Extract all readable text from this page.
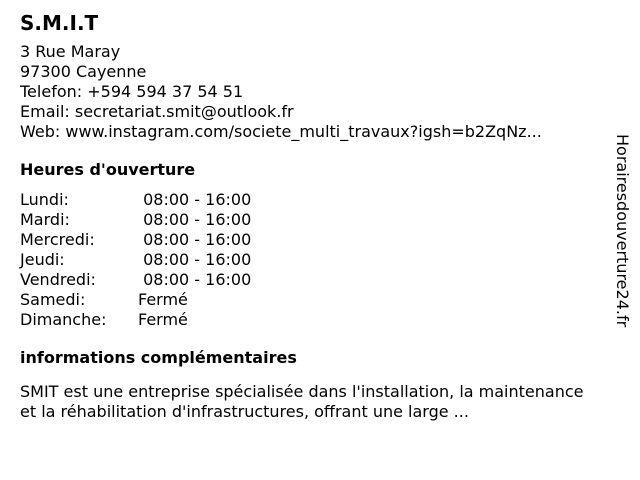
S.M.I.T
3 Rue Maray
97300 Cayenne
Telefon: +594 594 37 54 51
Email: secretariat.smit@outlook.fr
Web: www.instagram.com/societe_multi_travaux?igsh=b2ZqNz...
Heures d'ouverture
Lundi:	08:00 - 16:00
Mardi:	08:00 - 16:00
Mercredi:	08:00 - 16:00
Jeudi:	08:00 - 16:00
Vendredi:	08:00 - 16:00
Samedi:	Fermé
Dimanche:	Fermé
informations complémentaires
SMIT est une entreprise spécialisée dans l'installation, la maintenance et la réhabilitation d'infrastructures, offrant une large ...
Horairesdouverture24.fr
